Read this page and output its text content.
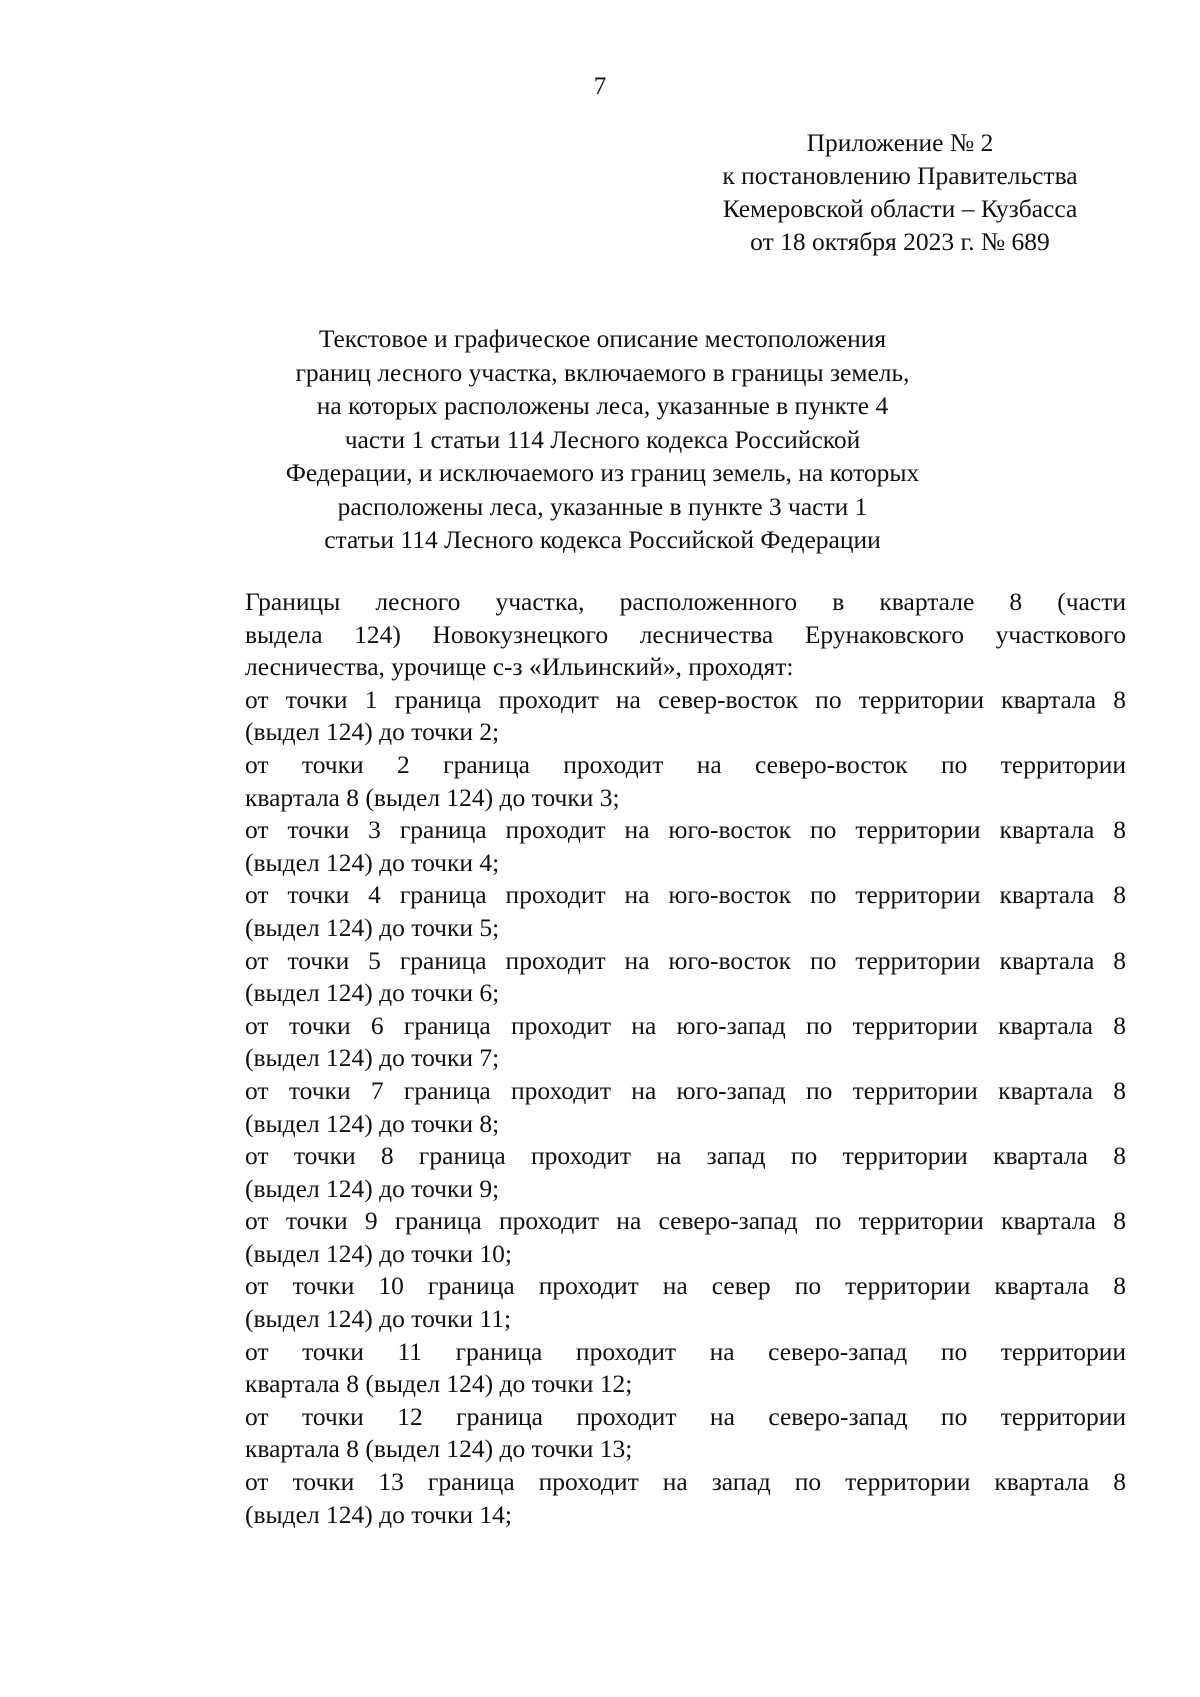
7
Приложение № 2
к постановлению Правительства
Кемеровской области – Кузбасса
от 18 октября 2023 г. № 689
Текстовое и графическое описание местоположения
границ лесного участка, включаемого в границы земель,
на которых расположены леса, указанные в пункте 4
части 1 статьи 114 Лесного кодекса Российской
Федерации, и исключаемого из границ земель, на которых
расположены леса, указанные в пункте 3 части 1
статьи 114 Лесного кодекса Российской Федерации

Границы лесного участка, расположенного в квартале 8 (части
выдела 124) Новокузнецкого лесничества Ерунаковского участкового
лесничества, урочище с-з «Ильинский», проходят:

от точки 1 граница проходит на север-восток по территории квартала 8
(выдел 124) до точки 2;

от точки 2 граница проходит на северо-восток по территории
квартала 8 (выдел 124) до точки 3;

от точки 3 граница проходит на юго-восток по территории квартала 8
(выдел 124) до точки 4;

от точки 4 граница проходит на юго-восток по территории квартала 8
(выдел 124) до точки 5;

от точки 5 граница проходит на юго-восток по территории квартала 8
(выдел 124) до точки 6;

от точки 6 граница проходит на юго-запад по территории квартала 8
(выдел 124) до точки 7;

от точки 7 граница проходит на юго-запад по территории квартала 8
(выдел 124) до точки 8;

от точки 8 граница проходит на запад по территории квартала 8
(выдел 124) до точки 9;

от точки 9 граница проходит на северо-запад по территории квартала 8
(выдел 124) до точки 10;

от точки 10 граница проходит на север по территории квартала 8
(выдел 124) до точки 11;

от точки 11 граница проходит на северо-запад по территории
квартала 8 (выдел 124) до точки 12;

от точки 12 граница проходит на северо-запад по территории
квартала 8 (выдел 124) до точки 13;

от точки 13 граница проходит на запад по территории квартала 8
(выдел 124) до точки 14;
